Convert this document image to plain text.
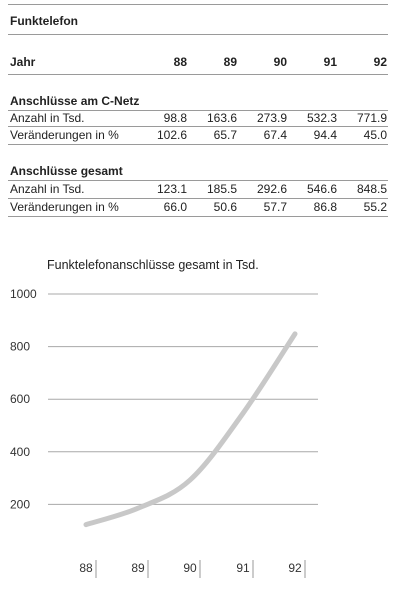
Funktelefon
Jahr	88	89	90	91	92
Anschlüsse am C-Netz
Anzahl in Tsd.	98.8	163.6	273.9	532.3	771.9
Veränderungen in %	102.6	65.7	67.4	94.4	45.0
Anschlüsse gesamt
Anzahl in Tsd.	123.1	185.5	292.6	546.6	848.5
Veränderungen in %	66.0	50.6	57.7	86.8	55.2
Funktelefonanschlüsse gesamt in Tsd.
200
400
600
800
1000
88	89	90	91	92
